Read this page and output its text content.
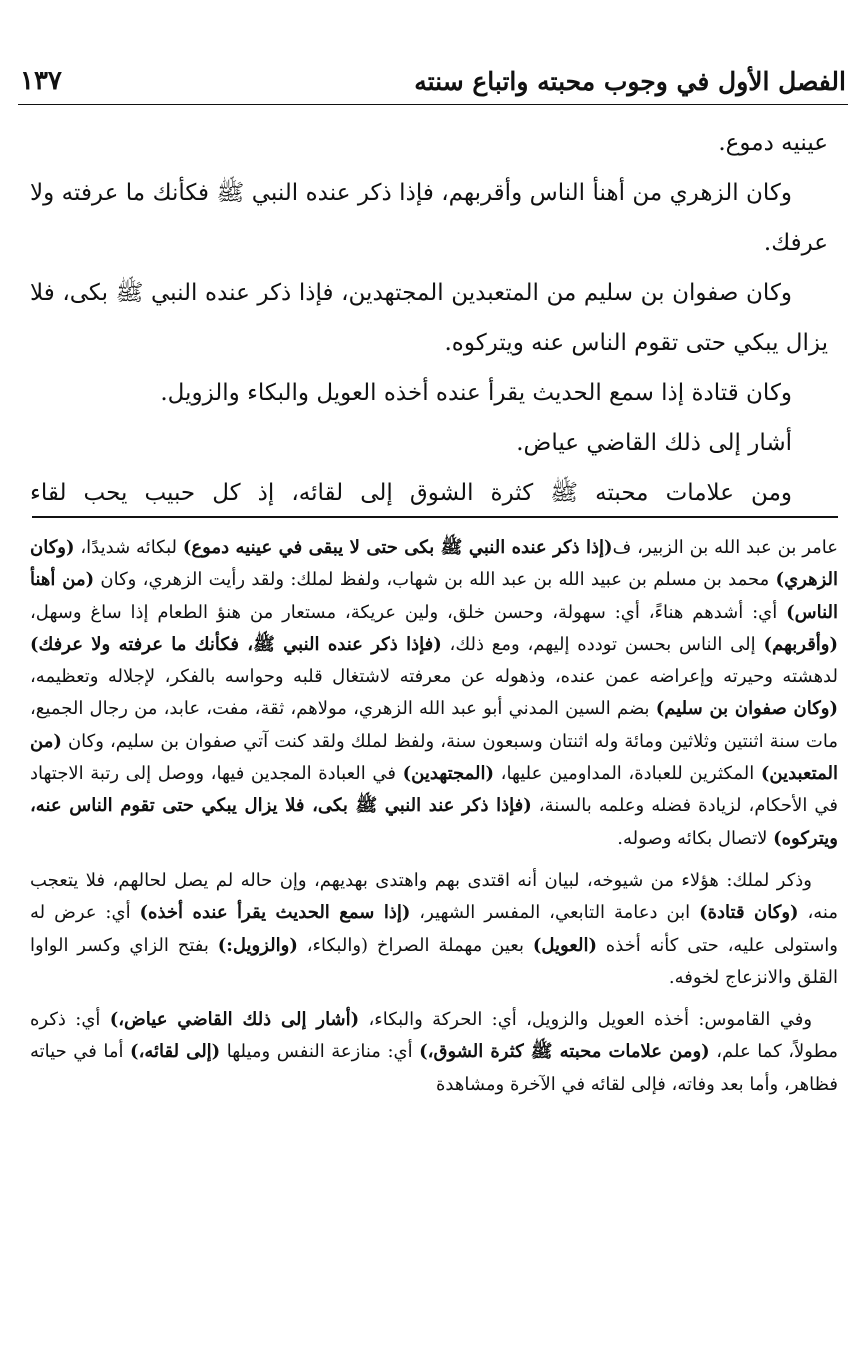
الفصل الأول في وجوب محبته واتباع سنته
١٣٧

عينيه دموع.

وكان الزهري من أهنأ الناس وأقربهم، فإذا ذكر عنده النبي ﷺ فكأنك ما عرفته ولا عرفك.

وكان صفوان بن سليم من المتعبدين المجتهدين، فإذا ذكر عنده النبي ﷺ بكى، فلا يزال يبكي حتى تقوم الناس عنه ويتركوه.

وكان قتادة إذا سمع الحديث يقرأ عنده أخذه العويل والبكاء والزويل.

أشار إلى ذلك القاضي عياض.

ومن علامات محبته ﷺ كثرة الشوق إلى لقائه، إذ كل حبيب يحب لقاء

عامر بن عبد الله بن الزبير، ف(إذا ذكر عنده النبي ﷺ بكى حتى لا يبقى في عينيه دموع) لبكائه شديدًا، (وكان الزهري) محمد بن مسلم بن عبيد الله بن عبد الله بن شهاب، ولفظ لملك: ولقد رأيت الزهري، وكان (من أهنأ الناس) أي: أشدهم هناءً، أي: سهولة، وحسن خلق، ولين عريكة، مستعار من هنؤ الطعام إذا ساغ وسهل، (وأقربهم) إلى الناس بحسن تودده إليهم، ومع ذلك، (فإذا ذكر عنده النبي ﷺ، فكأنك ما عرفته ولا عرفك) لدهشته وحيرته وإعراضه عمن عنده، وذهوله عن معرفته لاشتغال قلبه وحواسه بالفكر، لإجلاله وتعظيمه، (وكان صفوان بن سليم) بضم السين المدني أبو عبد الله الزهري، مولاهم، ثقة، مفت، عابد، من رجال الجميع، مات سنة اثنتين وثلاثين ومائة وله اثنتان وسبعون سنة، ولفظ لملك ولقد كنت آتي صفوان بن سليم، وكان (من المتعبدين) المكثرين للعبادة، المداومين عليها، (المجتهدين) في العبادة المجدين فيها، ووصل إلى رتبة الاجتهاد في الأحكام، لزيادة فضله وعلمه بالسنة، (فإذا ذكر عند النبي ﷺ بكى، فلا يزال يبكي حتى تقوم الناس عنه، ويتركوه) لاتصال بكائه وصوله.

وذكر لملك: هؤلاء من شيوخه، لبيان أنه اقتدى بهم واهتدى بهديهم، وإن حاله لم يصل لحالهم، فلا يتعجب منه، (وكان قتادة) ابن دعامة التابعي، المفسر الشهير، (إذا سمع الحديث يقرأ عنده أخذه) أي: عرض له واستولى عليه، حتى كأنه أخذه (العويل) بعين مهملة الصراخ (والبكاء، (والزويل:) بفتح الزاي وكسر الواوا القلق والانزعاج لخوفه.

وفي القاموس: أخذه العويل والزويل، أي: الحركة والبكاء، (أشار إلى ذلك القاضي عياض،) أي: ذكره مطولاً، كما علم، (ومن علامات محبته ﷺ كثرة الشوق،) أي: منازعة النفس وميلها (إلى لقائه،) أما في حياته فظاهر، وأما بعد وفاته، فإلى لقائه في الآخرة ومشاهدة
